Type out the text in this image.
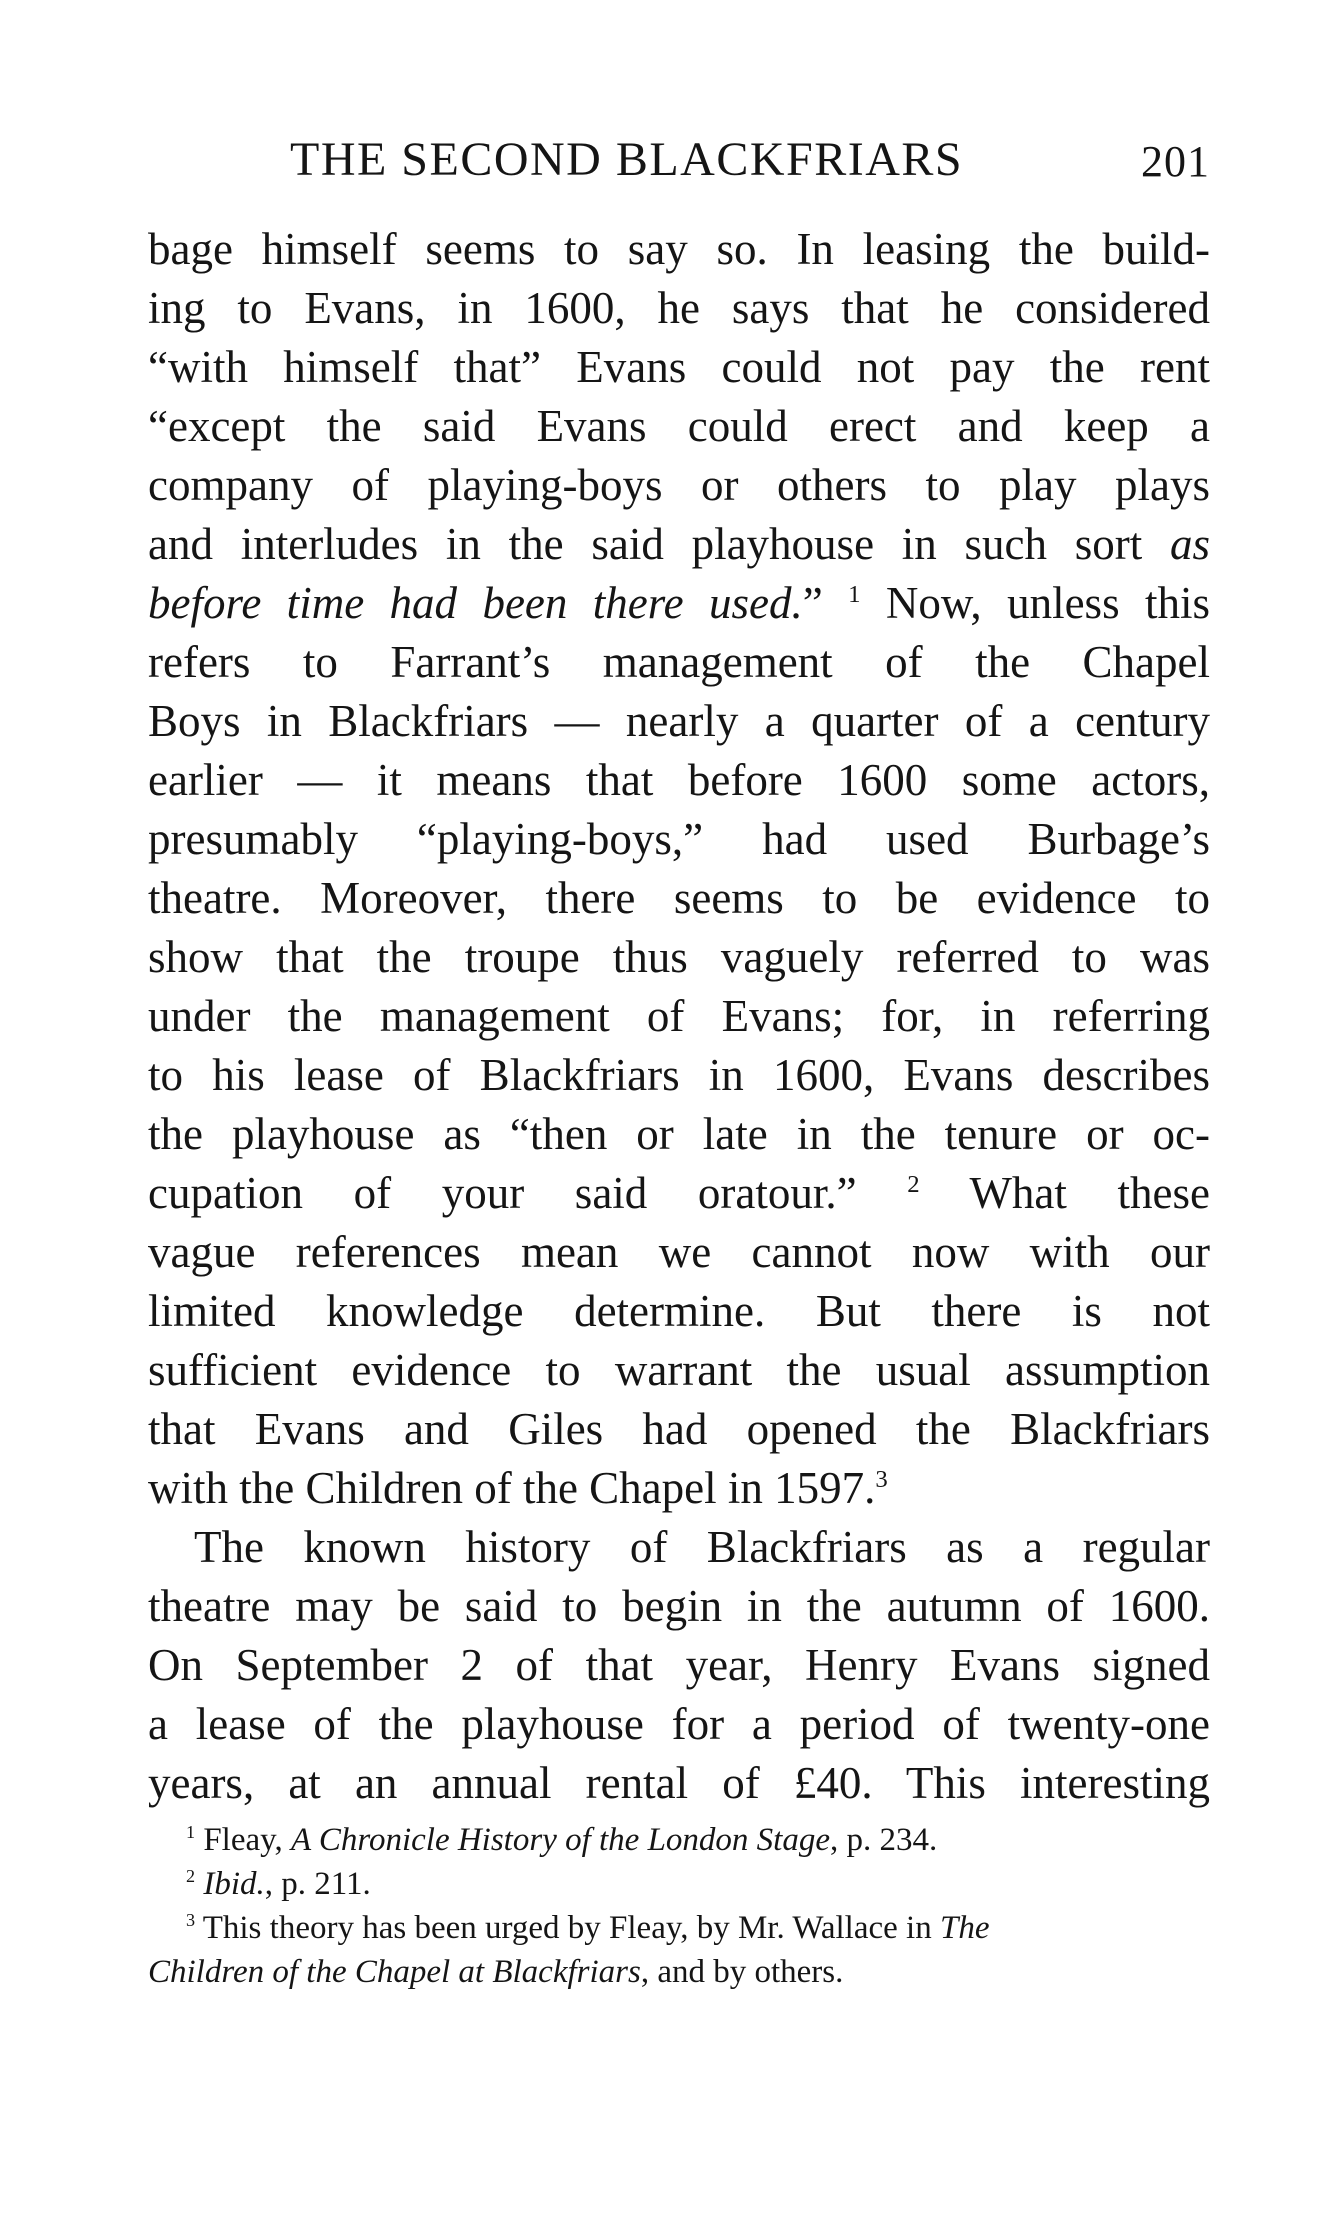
THE SECOND BLACKFRIARS	201
bage himself seems to say so. In leasing the build-
ing to Evans, in 1600, he says that he considered
“with himself that” Evans could not pay the rent
“except the said Evans could erect and keep a
company of playing-boys or others to play plays
and interludes in the said playhouse in such sort as
before time had been there used.” $^1$ Now, unless this
refers to Farrant’s management of the Chapel
Boys in Blackfriars — nearly a quarter of a century
earlier — it means that before 1600 some actors,
presumably “playing-boys,” had used Burbage’s
theatre. Moreover, there seems to be evidence to
show that the troupe thus vaguely referred to was
under the management of Evans; for, in referring
to his lease of Blackfriars in 1600, Evans describes
the playhouse as “then or late in the tenure or oc-
cupation of your said oratour.” $^2$ What these
vague references mean we cannot now with our
limited knowledge determine. But there is not
sufficient evidence to warrant the usual assumption
that Evans and Giles had opened the Blackfriars
with the Children of the Chapel in 1597.$^3$
The known history of Blackfriars as a regular
theatre may be said to begin in the autumn of 1600.
On September 2 of that year, Henry Evans signed
a lease of the playhouse for a period of twenty-one
years, at an annual rental of £40. This interesting
$^1$ Fleay, A Chronicle History of the London Stage, p. 234.
$^2$ Ibid., p. 211.
$^3$ This theory has been urged by Fleay, by Mr. Wallace in The
Children of the Chapel at Blackfriars, and by others.
